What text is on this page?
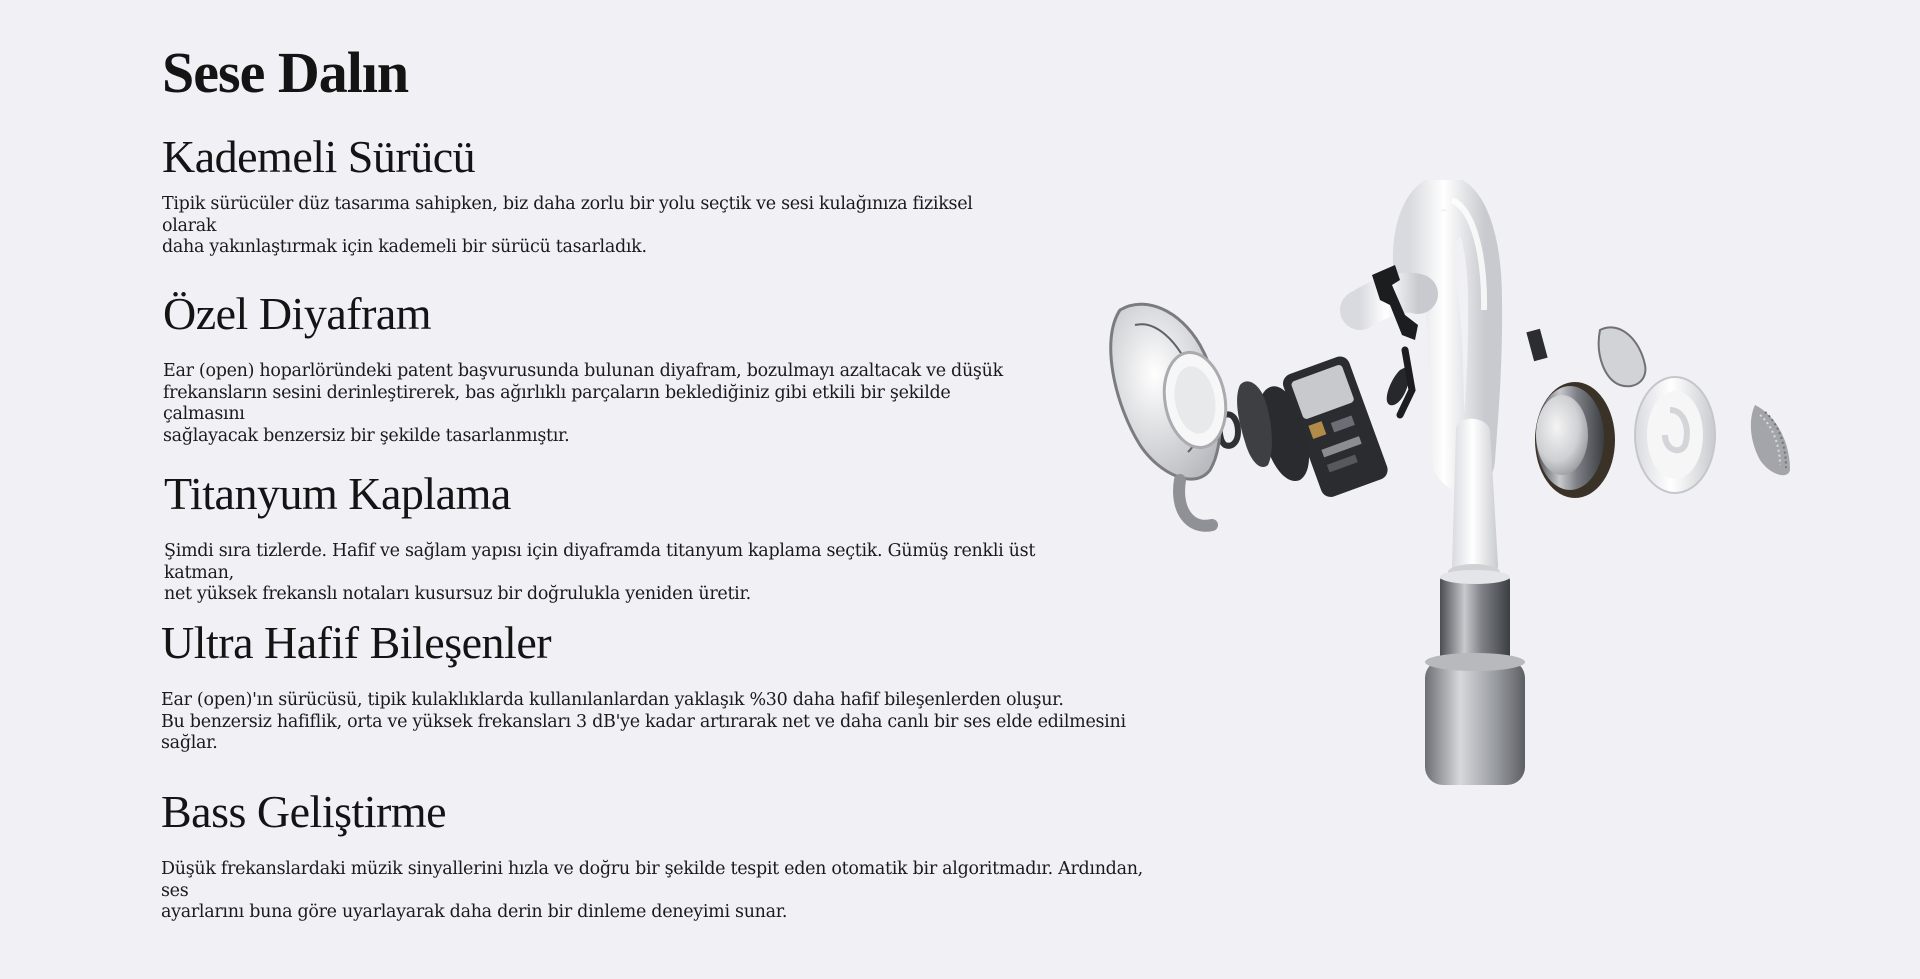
Sese Dalın
Kademeli Sürücü

Tipik sürücüler düz tasarıma sahipken, biz daha zorlu bir yolu seçtik ve sesi kulağınıza fiziksel olarak
daha yakınlaştırmak için kademeli bir sürücü tasarladık.

Özel Diyafram

Ear (open) hoparlöründeki patent başvurusunda bulunan diyafram, bozulmayı azaltacak ve düşük
frekansların sesini derinleştirerek, bas ağırlıklı parçaların beklediğiniz gibi etkili bir şekilde çalmasını
sağlayacak benzersiz bir şekilde tasarlanmıştır.

Titanyum Kaplama

Şimdi sıra tizlerde. Hafif ve sağlam yapısı için diyaframda titanyum kaplama seçtik. Gümüş renkli üst katman,
net yüksek frekanslı notaları kusursuz bir doğrulukla yeniden üretir.

Ultra Hafif Bileşenler

Ear (open)'ın sürücüsü, tipik kulaklıklarda kullanılanlardan yaklaşık %30 daha hafif bileşenlerden oluşur.
Bu benzersiz hafiflik, orta ve yüksek frekansları 3 dB'ye kadar artırarak net ve daha canlı bir ses elde edilmesini sağlar.

Bass Geliştirme

Düşük frekanslardaki müzik sinyallerini hızla ve doğru bir şekilde tespit eden otomatik bir algoritmadır. Ardından, ses
ayarlarını buna göre uyarlayarak daha derin bir dinleme deneyimi sunar.
